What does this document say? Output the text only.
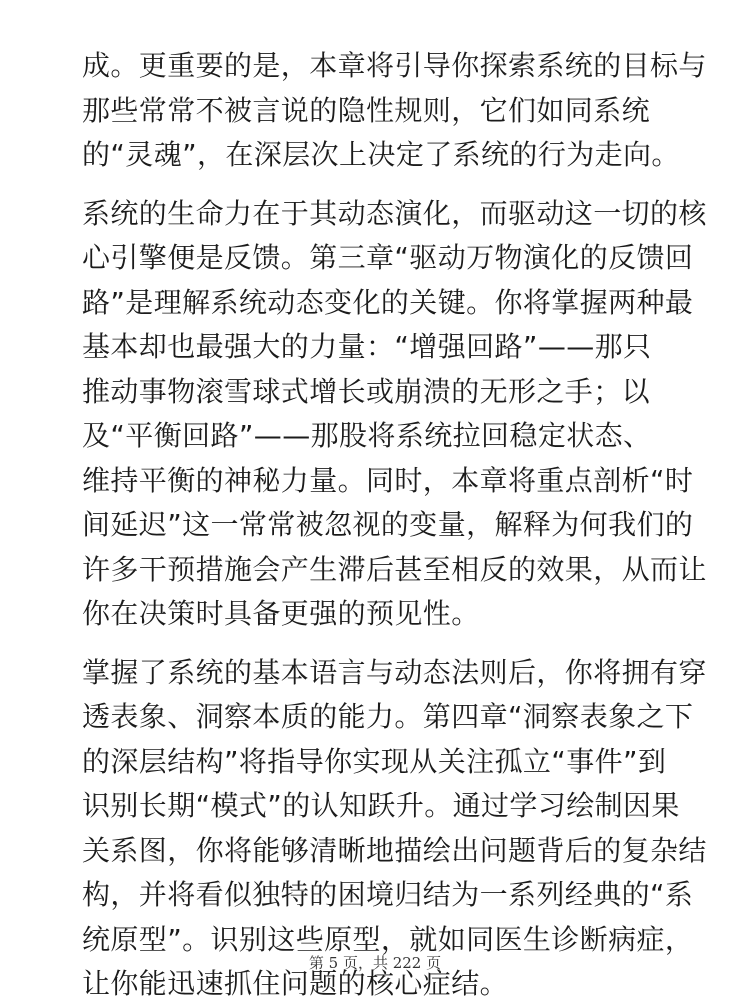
成。更重要的是，本章将引导你探索系统的目标与
那些常常不被言说的隐性规则，它们如同系统
的“灵魂”，在深层次上决定了系统的行为走向。
系统的生命力在于其动态演化，而驱动这一切的核
心引擎便是反馈。第三章“驱动万物演化的反馈回
路”是理解系统动态变化的关键。你将掌握两种最
基本却也最强大的力量：“增强回路”——那只
推动事物滚雪球式增长或崩溃的无形之手；以
及“平衡回路”——那股将系统拉回稳定状态、
维持平衡的神秘力量。同时，本章将重点剖析“时
间延迟”这一常常被忽视的变量，解释为何我们的
许多干预措施会产生滞后甚至相反的效果，从而让
你在决策时具备更强的预见性。
掌握了系统的基本语言与动态法则后，你将拥有穿
透表象、洞察本质的能力。第四章“洞察表象之下
的深层结构”将指导你实现从关注孤立“事件”到
识别长期“模式”的认知跃升。通过学习绘制因果
关系图，你将能够清晰地描绘出问题背后的复杂结
构，并将看似独特的困境归结为一系列经典的“系
统原型”。识别这些原型，就如同医生诊断病症，
让你能迅速抓住问题的核心症结。
第 5 页，共 222 页
